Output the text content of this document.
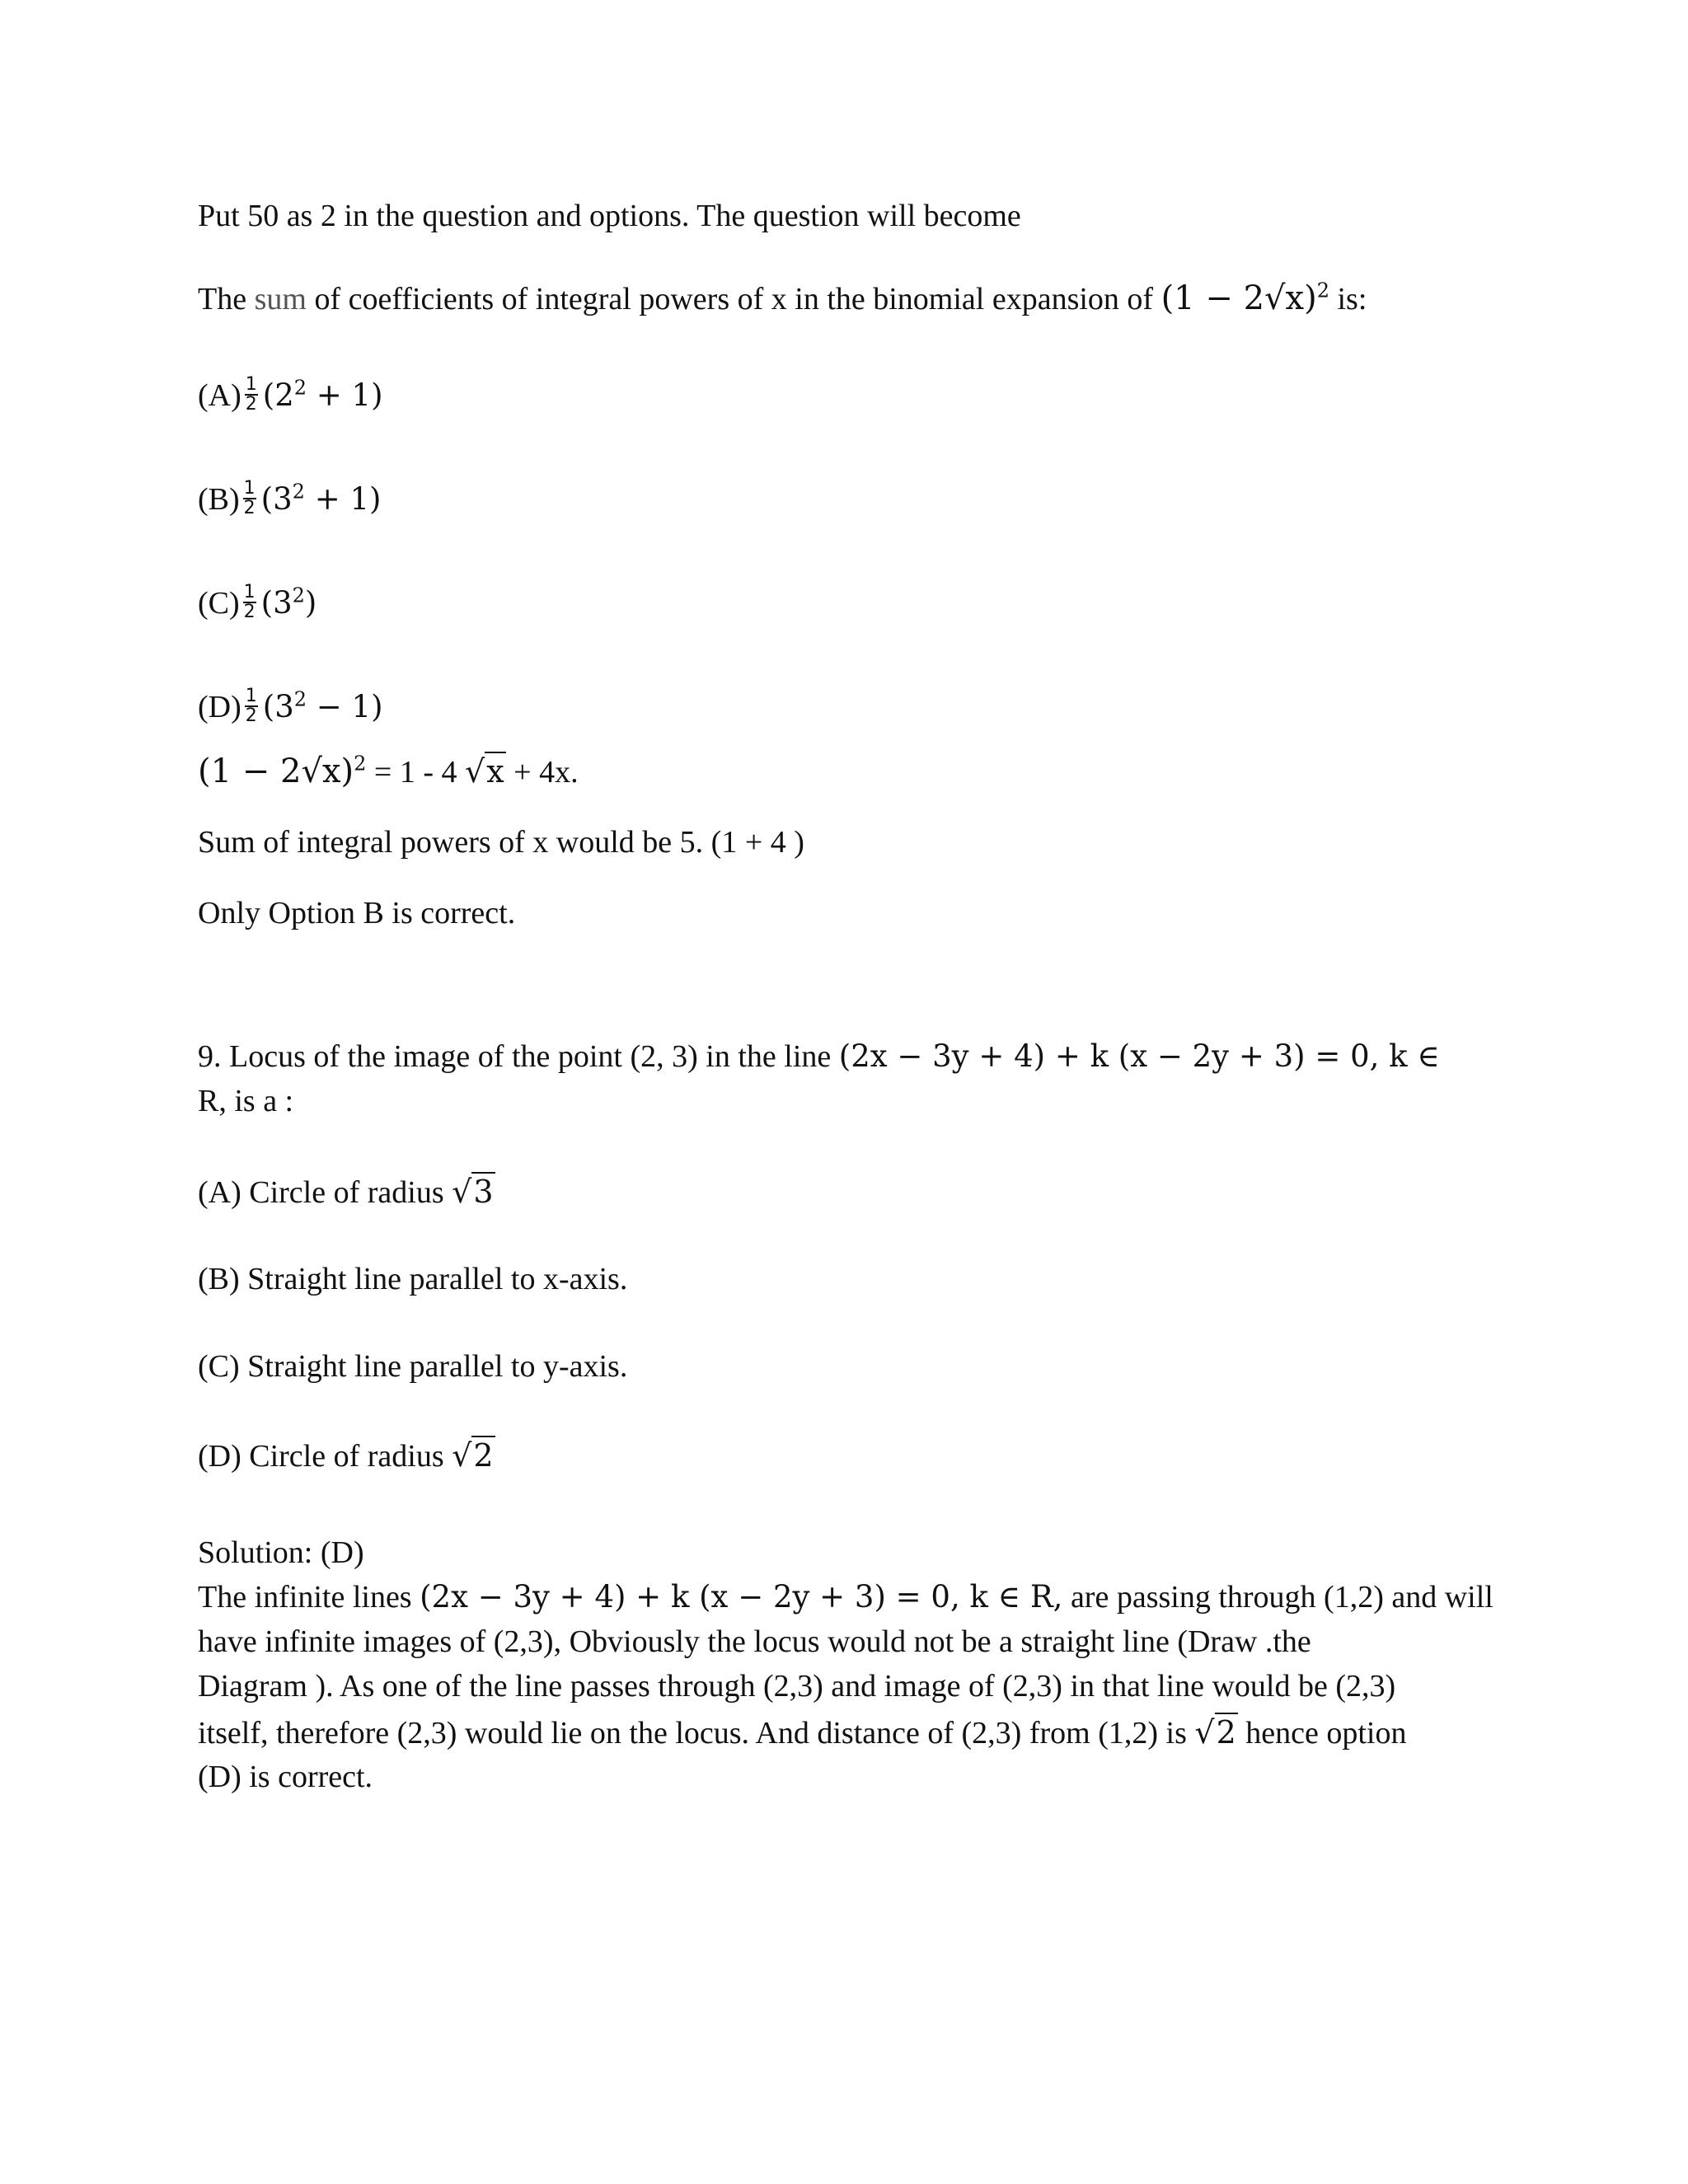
Put 50 as 2 in the question and options. The question will become
The sum of coefficients of integral powers of x in the binomial expansion of $(1 - 2√x)^2$ is:
$(A) \frac{1}{2} (2^2 + 1)$
$(B) \frac{1}{2} (3^2 + 1)$
$(C) \frac{1}{2} (3^2)$
$(D) \frac{1}{2} (3^2 - 1)$
$(1 - 2√x)^2 = 1 - 4$ √x + 4x.
Sum of integral powers of x would be 5. (1 + 4 )
Only Option B is correct.
9. Locus of the image of the point (2, 3) in the line (2x − 3y + 4) + k (x − 2y + 3) = 0, k ∈
R, is a :
(A) Circle of radius √3
(B) Straight line parallel to x-axis.
(C) Straight line parallel to y-axis.
(D) Circle of radius √2
Solution: (D)
The infinite lines (2x − 3y + 4) + k (x − 2y + 3) = 0, k ∈ R, are passing through (1,2) and will
have infinite images of (2,3), Obviously the locus would not be a straight line (Draw .the
Diagram ). As one of the line passes through (2,3) and image of (2,3) in that line would be (2,3)
itself, therefore (2,3) would lie on the locus. And distance of (2,3) from (1,2) is √2 hence option
(D) is correct.
